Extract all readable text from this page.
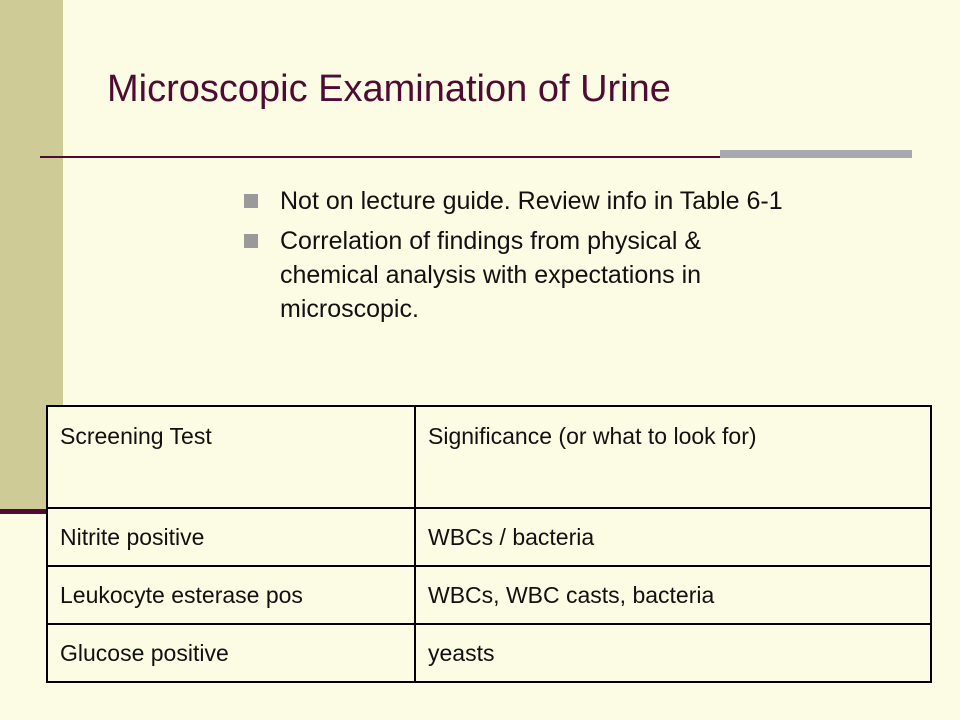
Microscopic Examination of Urine
Not on lecture guide. Review info in Table 6-1
Correlation of findings from physical & chemical analysis with expectations in microscopic.
Screening Test	Significance (or what to look for)
Nitrite positive	WBCs / bacteria
Leukocyte esterase pos	WBCs, WBC casts, bacteria
Glucose positive	yeasts
